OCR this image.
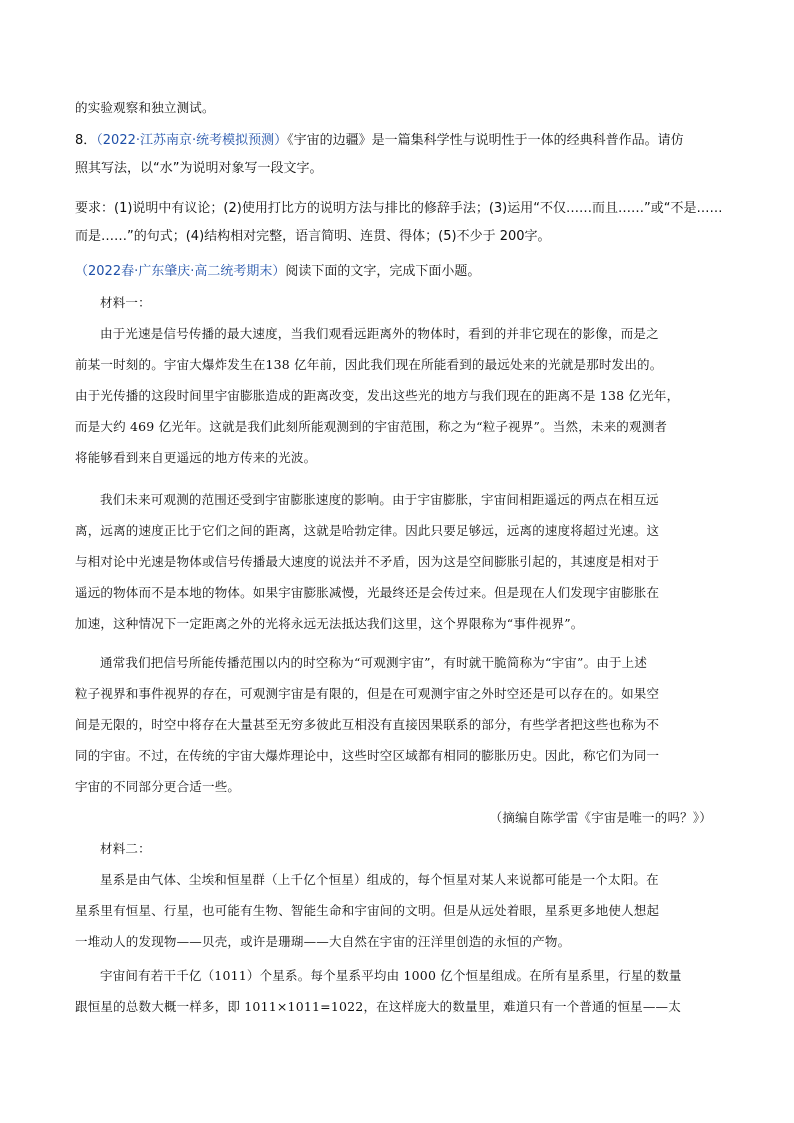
的实验观察和独立测试。
8．（2022·江苏南京·统考模拟预测）《宇宙的边疆》是一篇集科学性与说明性于一体的经典科普作品。请仿
照其写法，以“水”为说明对象写一段文字。
要求：(1)说明中有议论；(2)使用打比方的说明方法与排比的修辞手法；(3)运用“不仅……而且……”或“不是……
而是……”的句式；(4)结构相对完整，语言简明、连贯、得体；(5)不少于 200字。
（2022春·广东肇庆·高二统考期末）阅读下面的文字，完成下面小题。
材料一：
由于光速是信号传播的最大速度，当我们观看远距离外的物体时，看到的并非它现在的影像，而是之
前某一时刻的。宇宙大爆炸发生在138 亿年前，因此我们现在所能看到的最远处来的光就是那时发出的。
由于光传播的这段时间里宇宙膨胀造成的距离改变，发出这些光的地方与我们现在的距离不是 138 亿光年，
而是大约 469 亿光年。这就是我们此刻所能观测到的宇宙范围，称之为“粒子视界”。当然，未来的观测者
将能够看到来自更遥远的地方传来的光波。
我们未来可观测的范围还受到宇宙膨胀速度的影响。由于宇宙膨胀，宇宙间相距遥远的两点在相互远
离，远离的速度正比于它们之间的距离，这就是哈勃定律。因此只要足够远，远离的速度将超过光速。这
与相对论中光速是物体或信号传播最大速度的说法并不矛盾，因为这是空间膨胀引起的，其速度是相对于
遥远的物体而不是本地的物体。如果宇宙膨胀减慢，光最终还是会传过来。但是现在人们发现宇宙膨胀在
加速，这种情况下一定距离之外的光将永远无法抵达我们这里，这个界限称为“事件视界”。
通常我们把信号所能传播范围以内的时空称为“可观测宇宙”，有时就干脆简称为“宇宙”。由于上述
粒子视界和事件视界的存在，可观测宇宙是有限的，但是在可观测宇宙之外时空还是可以存在的。如果空
间是无限的，时空中将存在大量甚至无穷多彼此互相没有直接因果联系的部分，有些学者把这些也称为不
同的宇宙。不过，在传统的宇宙大爆炸理论中，这些时空区域都有相同的膨胀历史。因此，称它们为同一
宇宙的不同部分更合适一些。
（摘编自陈学雷《宇宙是唯一的吗？》）
材料二：
星系是由气体、尘埃和恒星群（上千亿个恒星）组成的，每个恒星对某人来说都可能是一个太阳。在
星系里有恒星、行星，也可能有生物、智能生命和宇宙间的文明。但是从远处着眼，星系更多地使人想起
一堆动人的发现物——贝壳，或许是珊瑚——大自然在宇宙的汪洋里创造的永恒的产物。
宇宙间有若干千亿（1011）个星系。每个星系平均由 1000 亿个恒星组成。在所有星系里，行星的数量
跟恒星的总数大概一样多，即 1011×1011=1022，在这样庞大的数量里，难道只有一个普通的恒星——太
